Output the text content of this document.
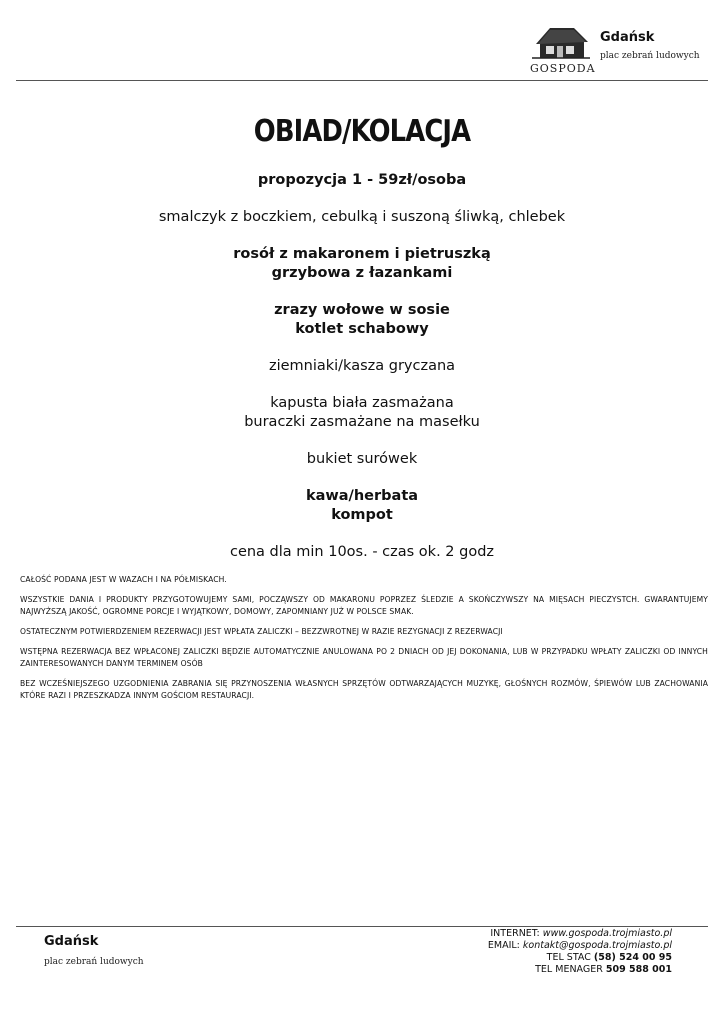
GOSPODA
Gdańsk
plac zebrań ludowych
OBIAD/KOLACJA

propozycja 1 - 59zł/osoba

smalczyk z boczkiem, cebulką i suszoną śliwką, chlebek

rosół z makaronem i pietruszką
grzybowa z łazankami

zrazy wołowe w sosie
kotlet schabowy

ziemniaki/kasza gryczana

kapusta biała zasmażana
buraczki zasmażane na masełku

bukiet surówek

kawa/herbata
kompot

cena dla min 10os. - czas ok. 2 godz

CAŁOŚĆ PODANA JEST W WAZACH I NA PÓŁMISKACH.

WSZYSTKIE DANIA I PRODUKTY PRZYGOTOWUJEMY SAMI, POCZĄWSZY OD MAKARONU POPRZEZ ŚLEDZIE A SKOŃCZYWSZY NA MIĘSACH PIECZYSTCH. GWARANTUJEMY NAJWYŻSZĄ JAKOŚĆ, OGROMNE PORCJE I WYJĄTKOWY, DOMOWY, ZAPOMNIANY JUŻ W POLSCE SMAK.

OSTATECZNYM POTWIERDZENIEM REZERWACJI JEST WPŁATA ZALICZKI – BEZZWROTNEJ W RAZIE REZYGNACJI Z REZERWACJI

WSTĘPNA REZERWACJA BEZ WPŁACONEJ ZALICZKI BĘDZIE AUTOMATYCZNIE ANULOWANA PO 2 DNIACH OD JEJ DOKONANIA, LUB W PRZYPADKU WPŁATY ZALICZKI OD INNYCH ZAINTERESOWANYCH DANYM TERMINEM OSÓB

BEZ WCZEŚNIEJSZEGO UZGODNIENIA ZABRANIA SIĘ PRZYNOSZENIA WŁASNYCH SPRZĘTÓW ODTWARZAJĄCYCH MUZYKĘ, GŁOŚNYCH ROZMÓW, ŚPIEWÓW LUB ZACHOWANIA KTÓRE RAZI I PRZESZKADZA INNYM GOŚCIOM RESTAURACJI.

Gdańsk
plac zebrań ludowych
INTERNET: www.gospoda.trojmiasto.pl
EMAIL: kontakt@gospoda.trojmiasto.pl
TEL STAC (58) 524 00 95
TEL MENAGER 509 588 001
